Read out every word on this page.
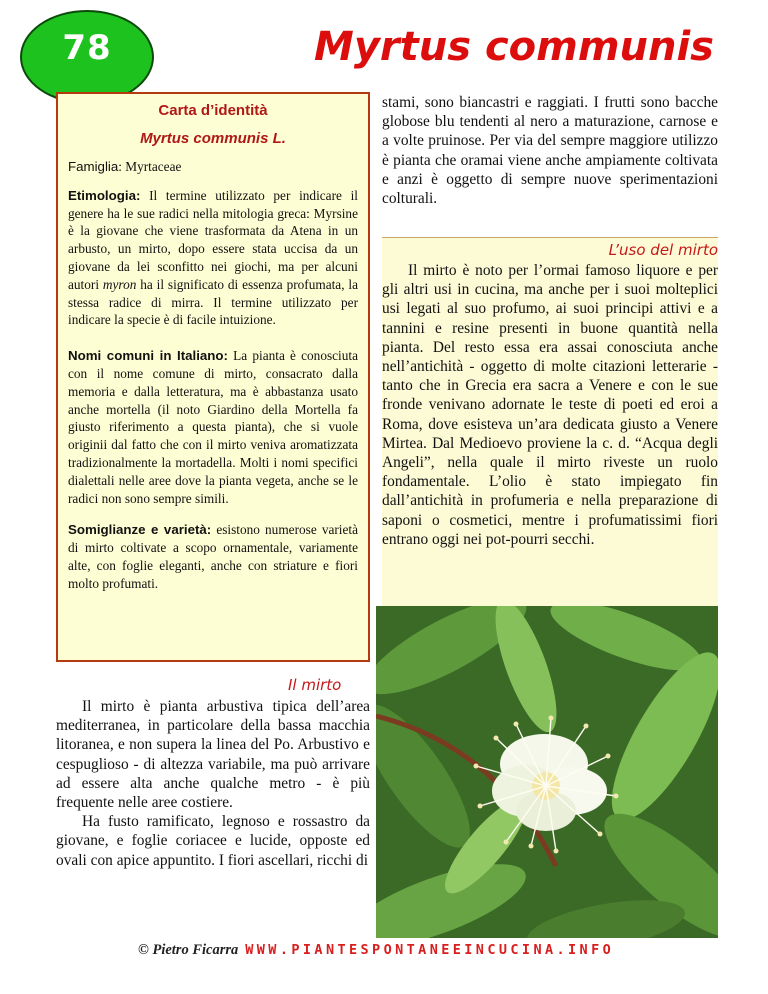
78	Myrtus communis
Carta d’identità
Myrtus communis L.

Famiglia: Myrtaceae

Etimologia: Il termine utilizzato per indicare il genere ha le sue radici nella mitologia greca: Myrsine è la giovane che viene trasformata da Atena in un arbusto, un mirto, dopo essere stata uccisa da un giovane da lei sconfitto nei giochi, ma per alcuni autori myron ha il significato di essenza profumata, la stessa radice di mirra. Il termine utilizzato per indicare la specie è di facile intuizione.

Nomi comuni in Italiano: La pianta è conosciuta con il nome comune di mirto, consacrato dalla memoria e dalla letteratura, ma è abbastanza usato anche mortella (il noto Giardino della Mortella fa giusto riferimento a questa pianta), che si vuole originii dal fatto che con il mirto veniva aromatizzata tradizionalmente la mortadella. Molti i nomi specifici dialettali nelle aree dove la pianta vegeta, anche se le radici non sono sempre simili.

Somiglianze e varietà: esistono numerose varietà di mirto coltivate a scopo ornamentale, variamente alte, con foglie eleganti, anche con striature e fiori molto profumati.

Il mirto

Il mirto è pianta arbustiva tipica dell’area mediterranea, in particolare della bassa macchia litoranea, e non supera la linea del Po. Arbustivo e cespuglioso - di altezza variabile, ma può arrivare ad essere alta anche qualche metro - è più frequente nelle aree costiere.

Ha fusto ramificato, legnoso e rossastro da giovane, e foglie coriacee e lucide, opposte ed ovali con apice appuntito. I fiori ascellari, ricchi di

stami, sono biancastri e raggiati. I frutti sono bacche globose blu tendenti al nero a maturazione, carnose e a volte pruinose. Per via del sempre maggiore utilizzo è pianta che oramai viene anche ampiamente coltivata e anzi è oggetto di sempre nuove sperimentazioni colturali.

L’uso del mirto

Il mirto è noto per l’ormai famoso liquore e per gli altri usi in cucina, ma anche per i suoi molteplici usi legati al suo profumo, ai suoi principi attivi e a tannini e resine presenti in buone quantità nella pianta. Del resto essa era assai conosciuta anche nell’antichità - oggetto di molte citazioni letterarie - tanto che in Grecia era sacra a Venere e con le sue fronde venivano adornate le teste di poeti ed eroi a Roma, dove esisteva un’ara dedicata giusto a Venere Mirtea. Dal Medioevo proviene la c. d. “Acqua degli Angeli”, nella quale il mirto riveste un ruolo fondamentale. L’olio è stato impiegato fin dall’antichità in profumeria e nella preparazione di saponi o cosmetici, mentre i profumatissimi fiori entrano oggi nei pot-pourri secchi.

© Pietro Ficarra WWW.PIANTESPONTANEEINCUCINA.INFO
